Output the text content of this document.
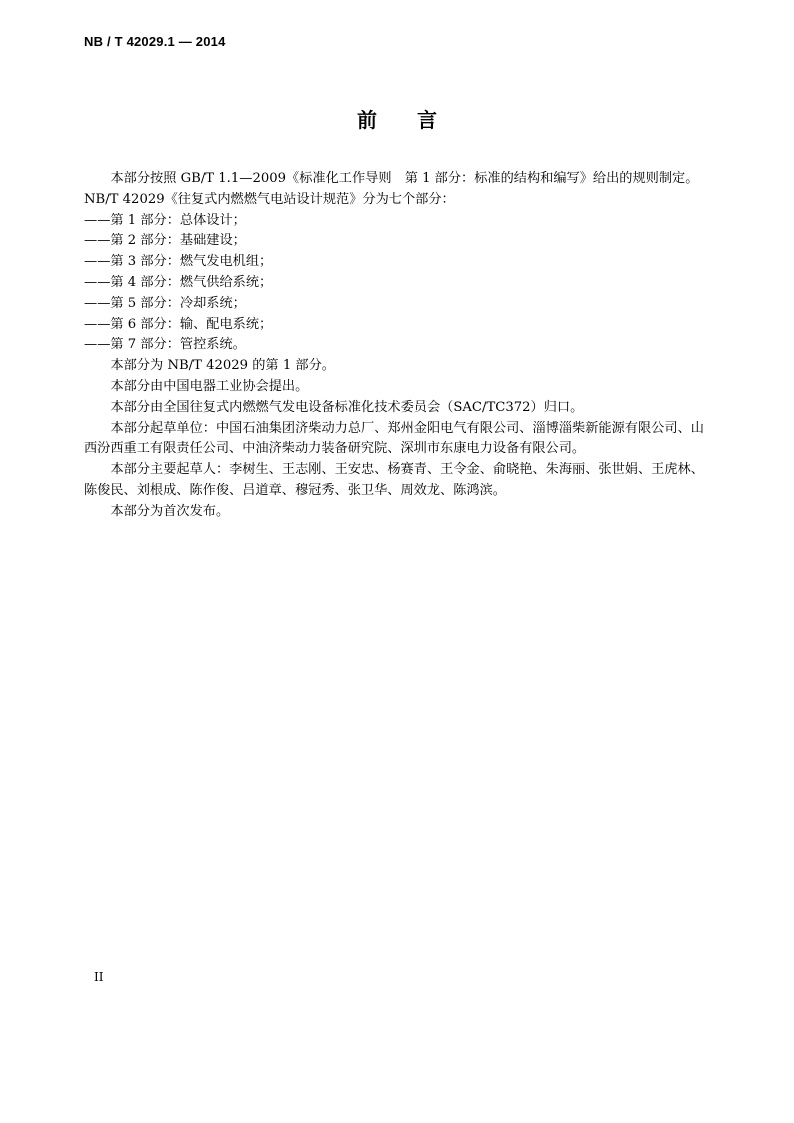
NB / T 42029.1 — 2014
前　　言

本部分按照 GB/T 1.1—2009《标准化工作导则　第 1 部分：标准的结构和编写》给出的规则制定。

NB/T 42029《往复式内燃燃气电站设计规范》分为七个部分：

——第 1 部分：总体设计；

——第 2 部分：基础建设；

——第 3 部分：燃气发电机组；

——第 4 部分：燃气供给系统；

——第 5 部分：冷却系统；

——第 6 部分：输、配电系统；

——第 7 部分：管控系统。

本部分为 NB/T 42029 的第 1 部分。

本部分由中国电器工业协会提出。

本部分由全国往复式内燃燃气发电设备标准化技术委员会（SAC/TC372）归口。

本部分起草单位：中国石油集团济柴动力总厂、郑州金阳电气有限公司、淄博淄柴新能源有限公司、山西汾西重工有限责任公司、中油济柴动力装备研究院、深圳市东康电力设备有限公司。

本部分主要起草人：李树生、王志刚、王安忠、杨赛青、王令金、俞晓艳、朱海丽、张世娟、王虎林、陈俊民、刘根成、陈作俊、吕道章、穆冠秀、张卫华、周效龙、陈鸿滨。

本部分为首次发布。

II
